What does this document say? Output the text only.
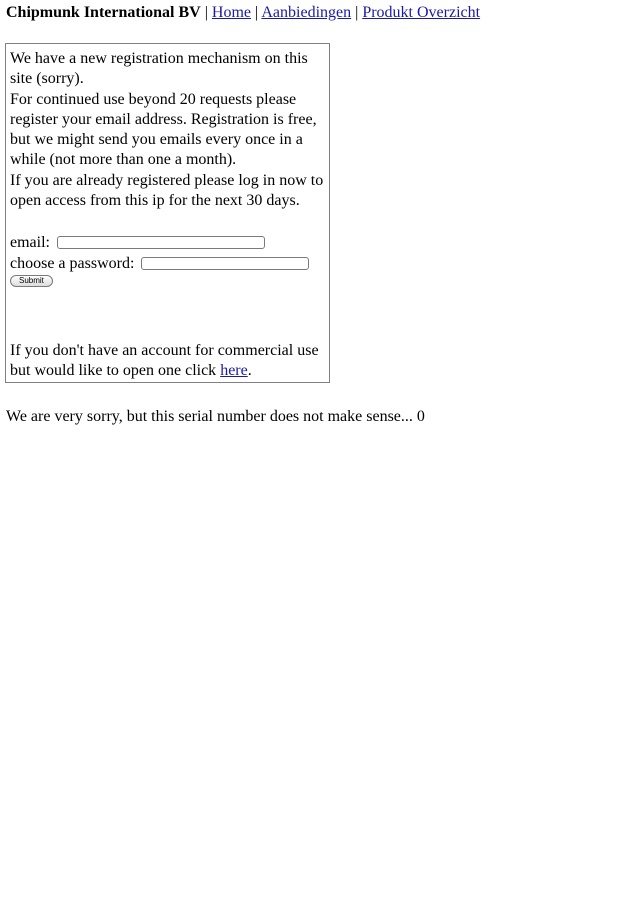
Chipmunk International BV | Home | Aanbiedingen | Produkt Overzicht

We have a new registration mechanism on this site (sorry).

For continued use beyond 20 requests please register your email address. Registration is free, but we might send you emails every once in a while (not more than one a month).

If you are already registered please log in now to open access from this ip for the next 30 days.

email:
choose a password:
Submit

If you don't have an account for commercial use but would like to open one click here.

We are very sorry, but this serial number does not make sense... 0
